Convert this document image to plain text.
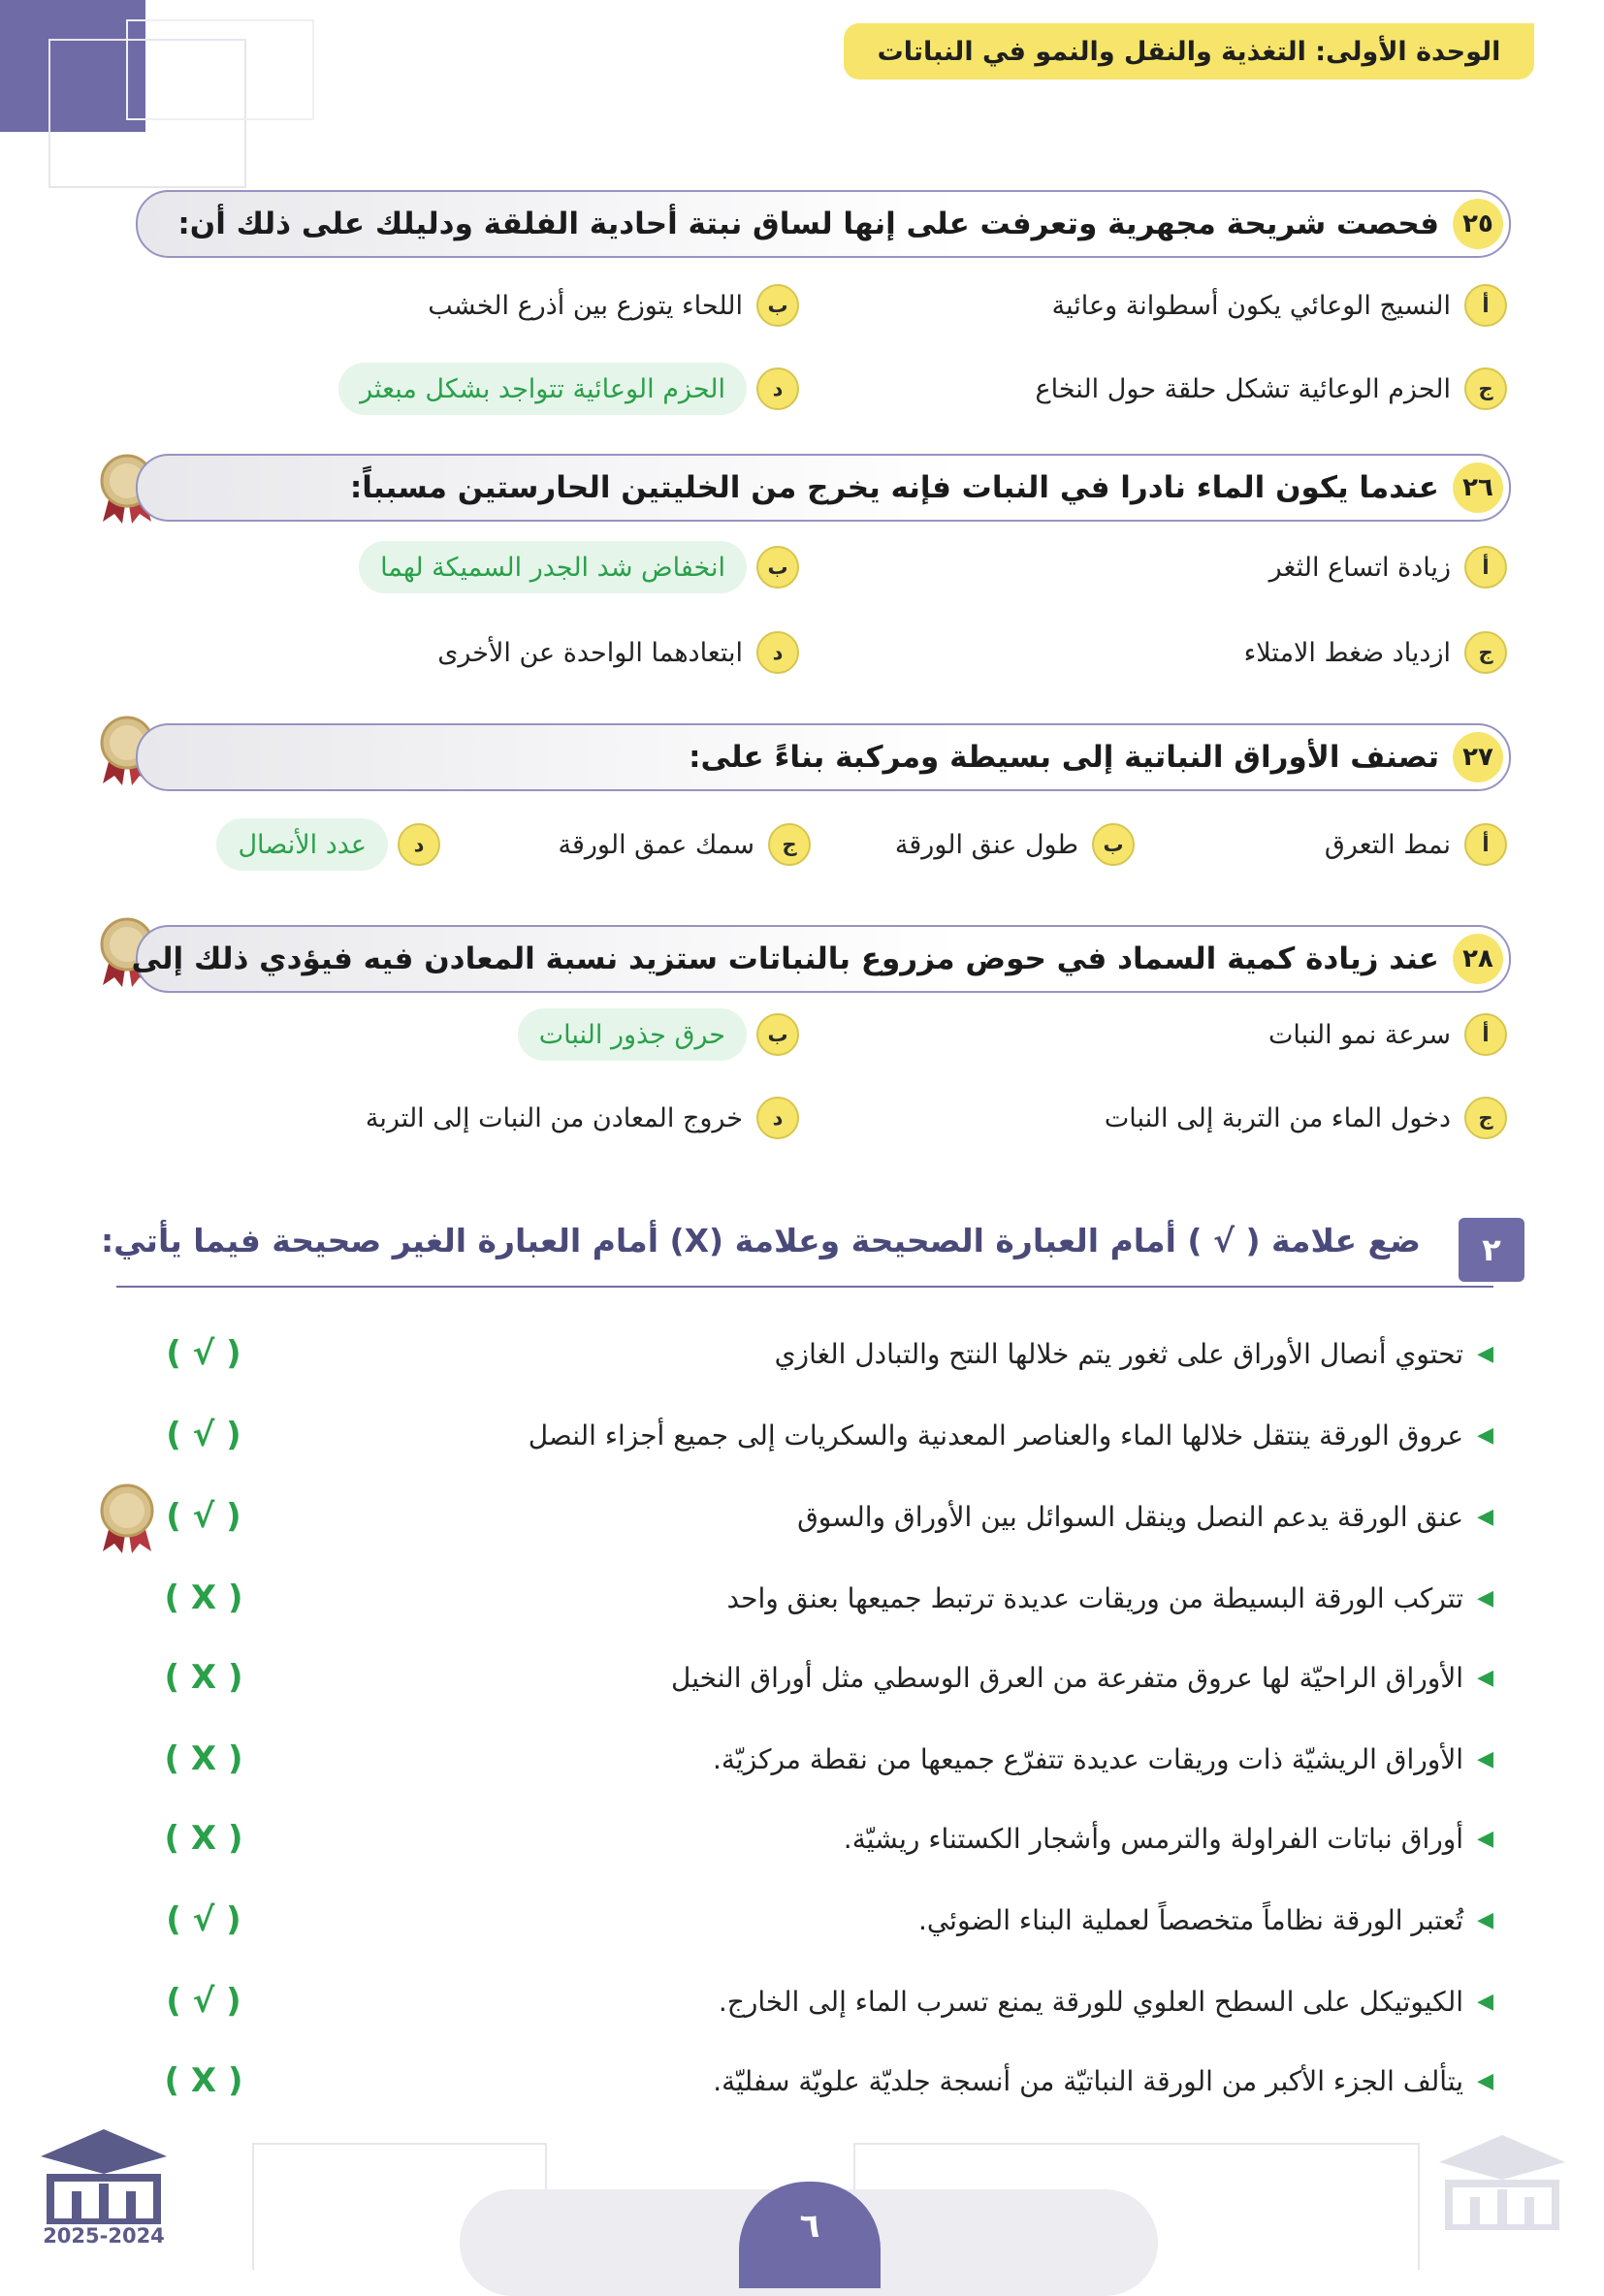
الوحدة الأولى: التغذية والنقل والنمو في النباتات
٢٥
فحصت شريحة مجهرية وتعرفت على إنها لساق نبتة أحادية الفلقة ودليلك على ذلك أن:
أ
النسيج الوعائي يكون أسطوانة وعائية
ب
اللحاء يتوزع بين أذرع الخشب
ج
الحزم الوعائية تشكل حلقة حول النخاع
د
الحزم الوعائية تتواجد بشكل مبعثر
٢٦
عندما يكون الماء نادرا في النبات فإنه يخرج من الخليتين الحارستين مسبباً:
أ
زيادة اتساع الثغر
ب
انخفاض شد الجدر السميكة لهما
ج
ازدياد ضغط الامتلاء
د
ابتعادهما الواحدة عن الأخرى
٢٧
تصنف الأوراق النباتية إلى بسيطة ومركبة بناءً على:
أ
نمط التعرق
ب
طول عنق الورقة
ج
سمك عمق الورقة
د
عدد الأنصال
٢٨
عند زيادة كمية السماد في حوض مزروع بالنباتات ستزيد نسبة المعادن فيه فيؤدي ذلك إلى
أ
سرعة نمو النبات
ب
حرق جذور النبات
ج
دخول الماء من التربة إلى النبات
د
خروج المعادن من النبات إلى التربة
٢
ضع علامة ( √ ) أمام العبارة الصحيحة وعلامة (X) أمام العبارة الغير صحيحة فيما يأتي:
◀
تحتوي أنصال الأوراق على ثغور يتم خلالها النتح والتبادل الغازي
( √ )
◀
عروق الورقة ينتقل خلالها الماء والعناصر المعدنية والسكريات إلى جميع أجزاء النصل
( √ )
◀
عنق الورقة يدعم النصل وينقل السوائل بين الأوراق والسوق
( √ )
◀
تتركب الورقة البسيطة من وريقات عديدة ترتبط جميعها بعنق واحد
( X )
◀
الأوراق الراحيّة لها عروق متفرعة من العرق الوسطي مثل أوراق النخيل
( X )
◀
الأوراق الريشيّة ذات وريقات عديدة تتفرّع جميعها من نقطة مركزيّة.
( X )
◀
أوراق نباتات الفراولة والترمس وأشجار الكستناء ريشيّة.
( X )
◀
تُعتبر الورقة نظاماً متخصصاً لعملية البناء الضوئي.
( √ )
◀
الكيوتيكل على السطح العلوي للورقة يمنع تسرب الماء إلى الخارج.
( √ )
◀
يتألف الجزء الأكبر من الورقة النباتيّة من أنسجة جلديّة علويّة سفليّة.
( X )
٦
2025-2024
